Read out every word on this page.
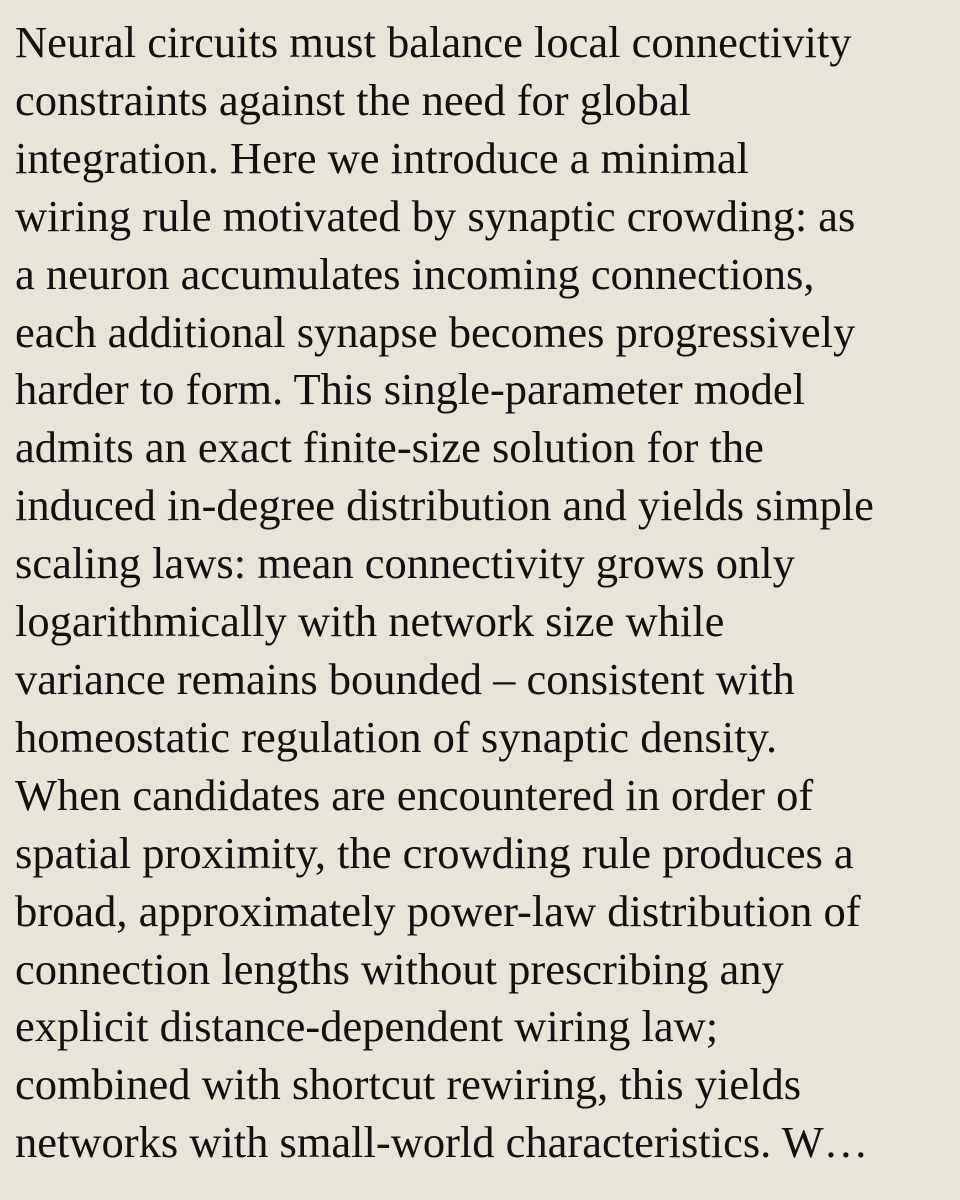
Neural circuits must balance local connectivity
constraints against the need for global
integration. Here we introduce a minimal
wiring rule motivated by synaptic crowding: as
a neuron accumulates incoming connections,
each additional synapse becomes progressively
harder to form. This single-parameter model
admits an exact finite-size solution for the
induced in-degree distribution and yields simple
scaling laws: mean connectivity grows only
logarithmically with network size while
variance remains bounded – consistent with
homeostatic regulation of synaptic density.
When candidates are encountered in order of
spatial proximity, the crowding rule produces a
broad, approximately power-law distribution of
connection lengths without prescribing any
explicit distance-dependent wiring law;
combined with shortcut rewiring, this yields
networks with small-world characteristics. W…
